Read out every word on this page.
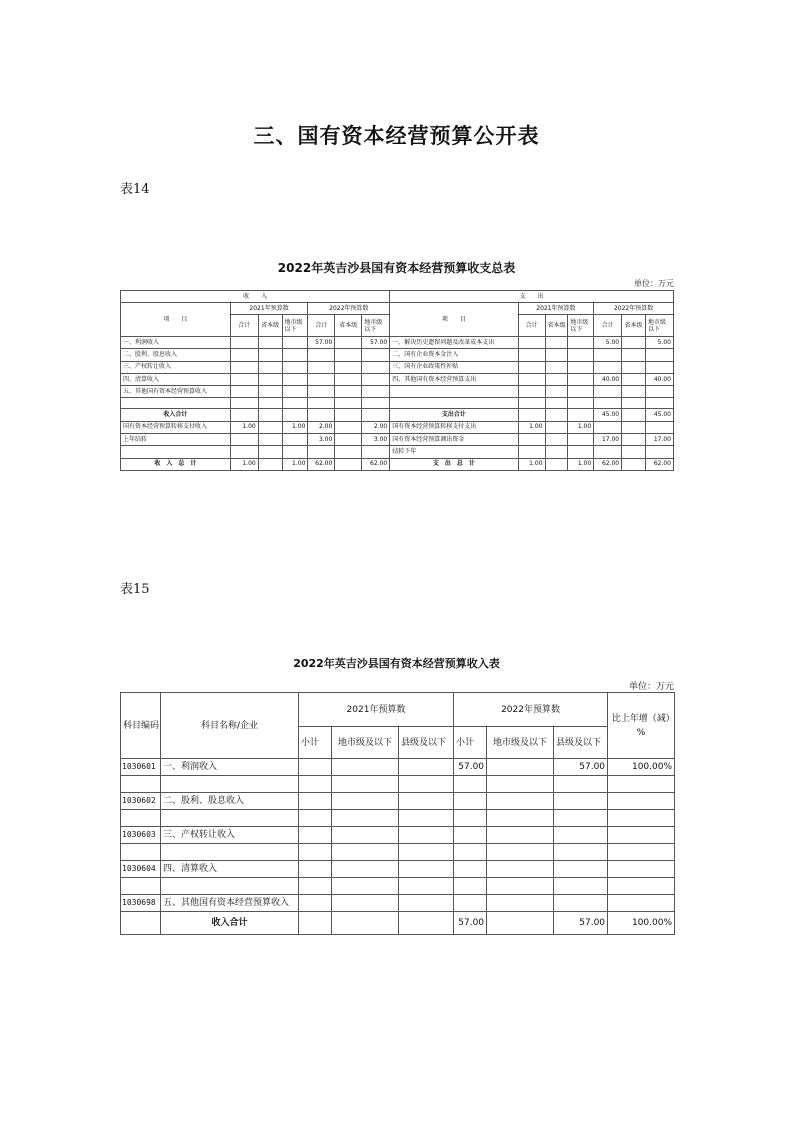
三、国有资本经营预算公开表
表14
2022年英吉沙县国有资本经营预算收支总表
单位：万元
收　　入							支　　出						
项　　目	2021年预算数			2022年预算数			项　　目	2021年预算数			2022年预算数		
	合计	省本级	地市级以下	合计	省本级	地市级以下		合计	省本级	地市级以下	合计	省本级	地市级以下
一、利润收入				57.00		57.00	一、解决历史遗留问题及改革成本支出				5.00		5.00
二、股利、股息收入							二、国有企业资本金注入						
三、产权转让收入							三、国有企业政策性补贴						
四、清算收入							四、其他国有资本经营预算支出				40.00		40.00
五、其他国有资本经营预算收入													

收入合计							支出合计				45.00		45.00
国有资本经营预算转移支付收入	1.00		1.00	2.00		2.00	国有资本经营预算转移支付支出	1.00		1.00			
上年结转				3.00		3.00	国有资本经营预算调出资金				17.00		17.00
							结转下年						
收　入　总　计	1.00		1.00	62.00		62.00	支　出　总　计	1.00		1.00	62.00		62.00
表15
2022年英吉沙县国有资本经营预算收入表
单位：万元
科目编码	科目名称/企业	2021年预算数			2022年预算数			比上年增（减）%
		小计	地市级及以下	县级及以下	小计	地市级及以下	县级及以下	
1030601	一、利润收入				57.00		57.00	100.00%

1030602	二、股利、股息收入							

1030603	三、产权转让收入							

1030604	四、清算收入							

1030698	五、其他国有资本经营预算收入							
	收入合计				57.00		57.00	100.00%
